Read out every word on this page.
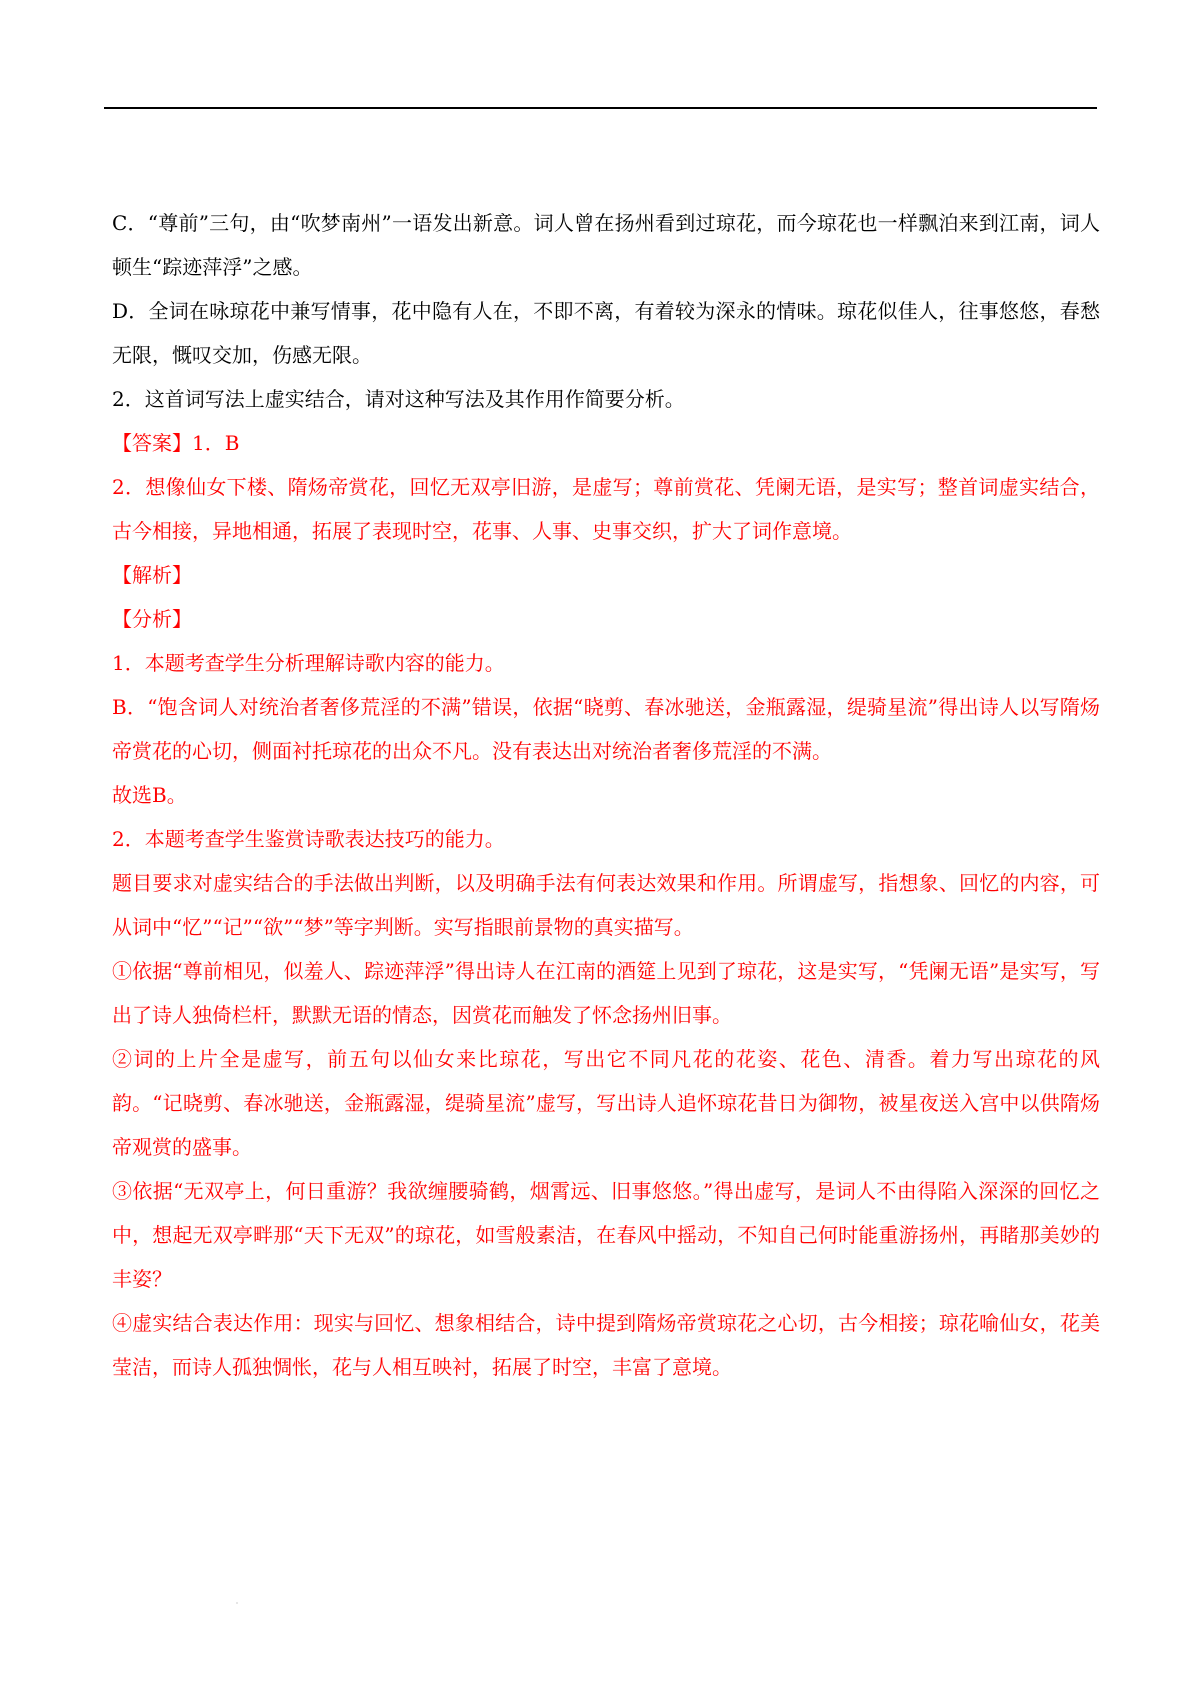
C．“尊前”三句，由“吹梦南州”一语发出新意。词人曾在扬州看到过琼花，而今琼花也一样飘泊来到江南，词人顿生“踪迹萍浮”之感。

D．全词在咏琼花中兼写情事，花中隐有人在，不即不离，有着较为深永的情味。琼花似佳人，往事悠悠，春愁无限，慨叹交加，伤感无限。

2．这首词写法上虚实结合，请对这种写法及其作用作简要分析。

【答案】1．B

2．想像仙女下楼、隋炀帝赏花，回忆无双亭旧游，是虚写；尊前赏花、凭阑无语，是实写；整首词虚实结合，古今相接，异地相通，拓展了表现时空，花事、人事、史事交织，扩大了词作意境。

【解析】

【分析】

1．本题考查学生分析理解诗歌内容的能力。

B．“饱含词人对统治者奢侈荒淫的不满”错误，依据“晓剪、春冰驰送，金瓶露湿，缇骑星流”得出诗人以写隋炀帝赏花的心切，侧面衬托琼花的出众不凡。没有表达出对统治者奢侈荒淫的不满。

故选B。

2．本题考查学生鉴赏诗歌表达技巧的能力。

题目要求对虚实结合的手法做出判断，以及明确手法有何表达效果和作用。所谓虚写，指想象、回忆的内容，可从词中“忆”“记”“欲”“梦”等字判断。实写指眼前景物的真实描写。

①依据“尊前相见，似羞人、踪迹萍浮”得出诗人在江南的酒筵上见到了琼花，这是实写，“凭阑无语”是实写，写出了诗人独倚栏杆，默默无语的情态，因赏花而触发了怀念扬州旧事。

②词的上片全是虚写，前五句以仙女来比琼花，写出它不同凡花的花姿、花色、清香。着力写出琼花的风韵。“记晓剪、春冰驰送，金瓶露湿，缇骑星流”虚写，写出诗人追怀琼花昔日为御物，被星夜送入宫中以供隋炀帝观赏的盛事。

③依据“无双亭上，何日重游？我欲缠腰骑鹤，烟霄远、旧事悠悠。”得出虚写，是词人不由得陷入深深的回忆之中，想起无双亭畔那“天下无双”的琼花，如雪般素洁，在春风中摇动，不知自己何时能重游扬州，再睹那美妙的丰姿？

④虚实结合表达作用：现实与回忆、想象相结合，诗中提到隋炀帝赏琼花之心切，古今相接；琼花喻仙女，花美莹洁，而诗人孤独惆怅，花与人相互映衬，拓展了时空，丰富了意境。
